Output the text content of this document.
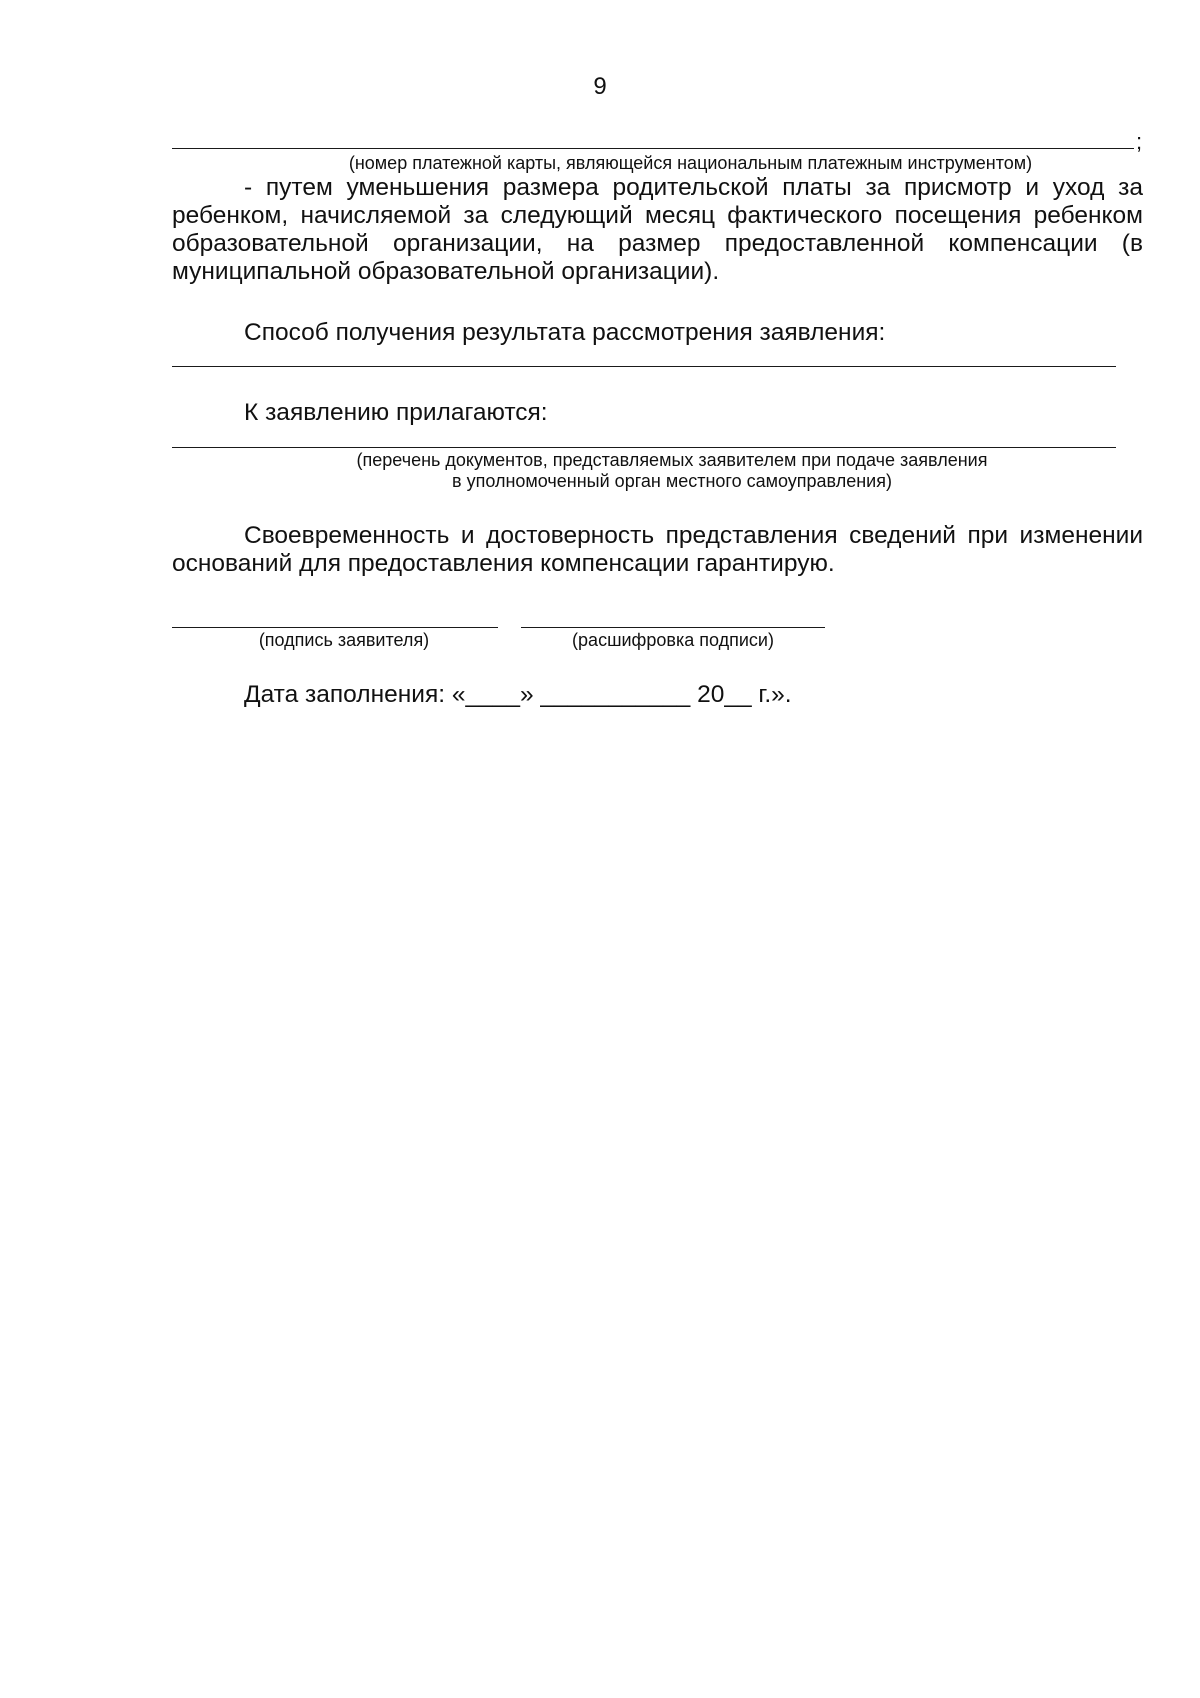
9
;
(номер платежной карты, являющейся национальным платежным инструментом)
- путем уменьшения размера родительской платы за присмотр и уход за ребенком, начисляемой за следующий месяц фактического посещения ребенком образовательной организации, на размер предоставленной компенсации (в муниципальной образовательной организации).
Способ получения результата рассмотрения заявления:
К заявлению прилагаются:
(перечень документов, представляемых заявителем при подаче заявления
в уполномоченный орган местного самоуправления)
Своевременность и достоверность представления сведений при изменении оснований для предоставления компенсации гарантирую.
(подпись заявителя)	(расшифровка подписи)
Дата заполнения: «____» ___________ 20__ г.».
